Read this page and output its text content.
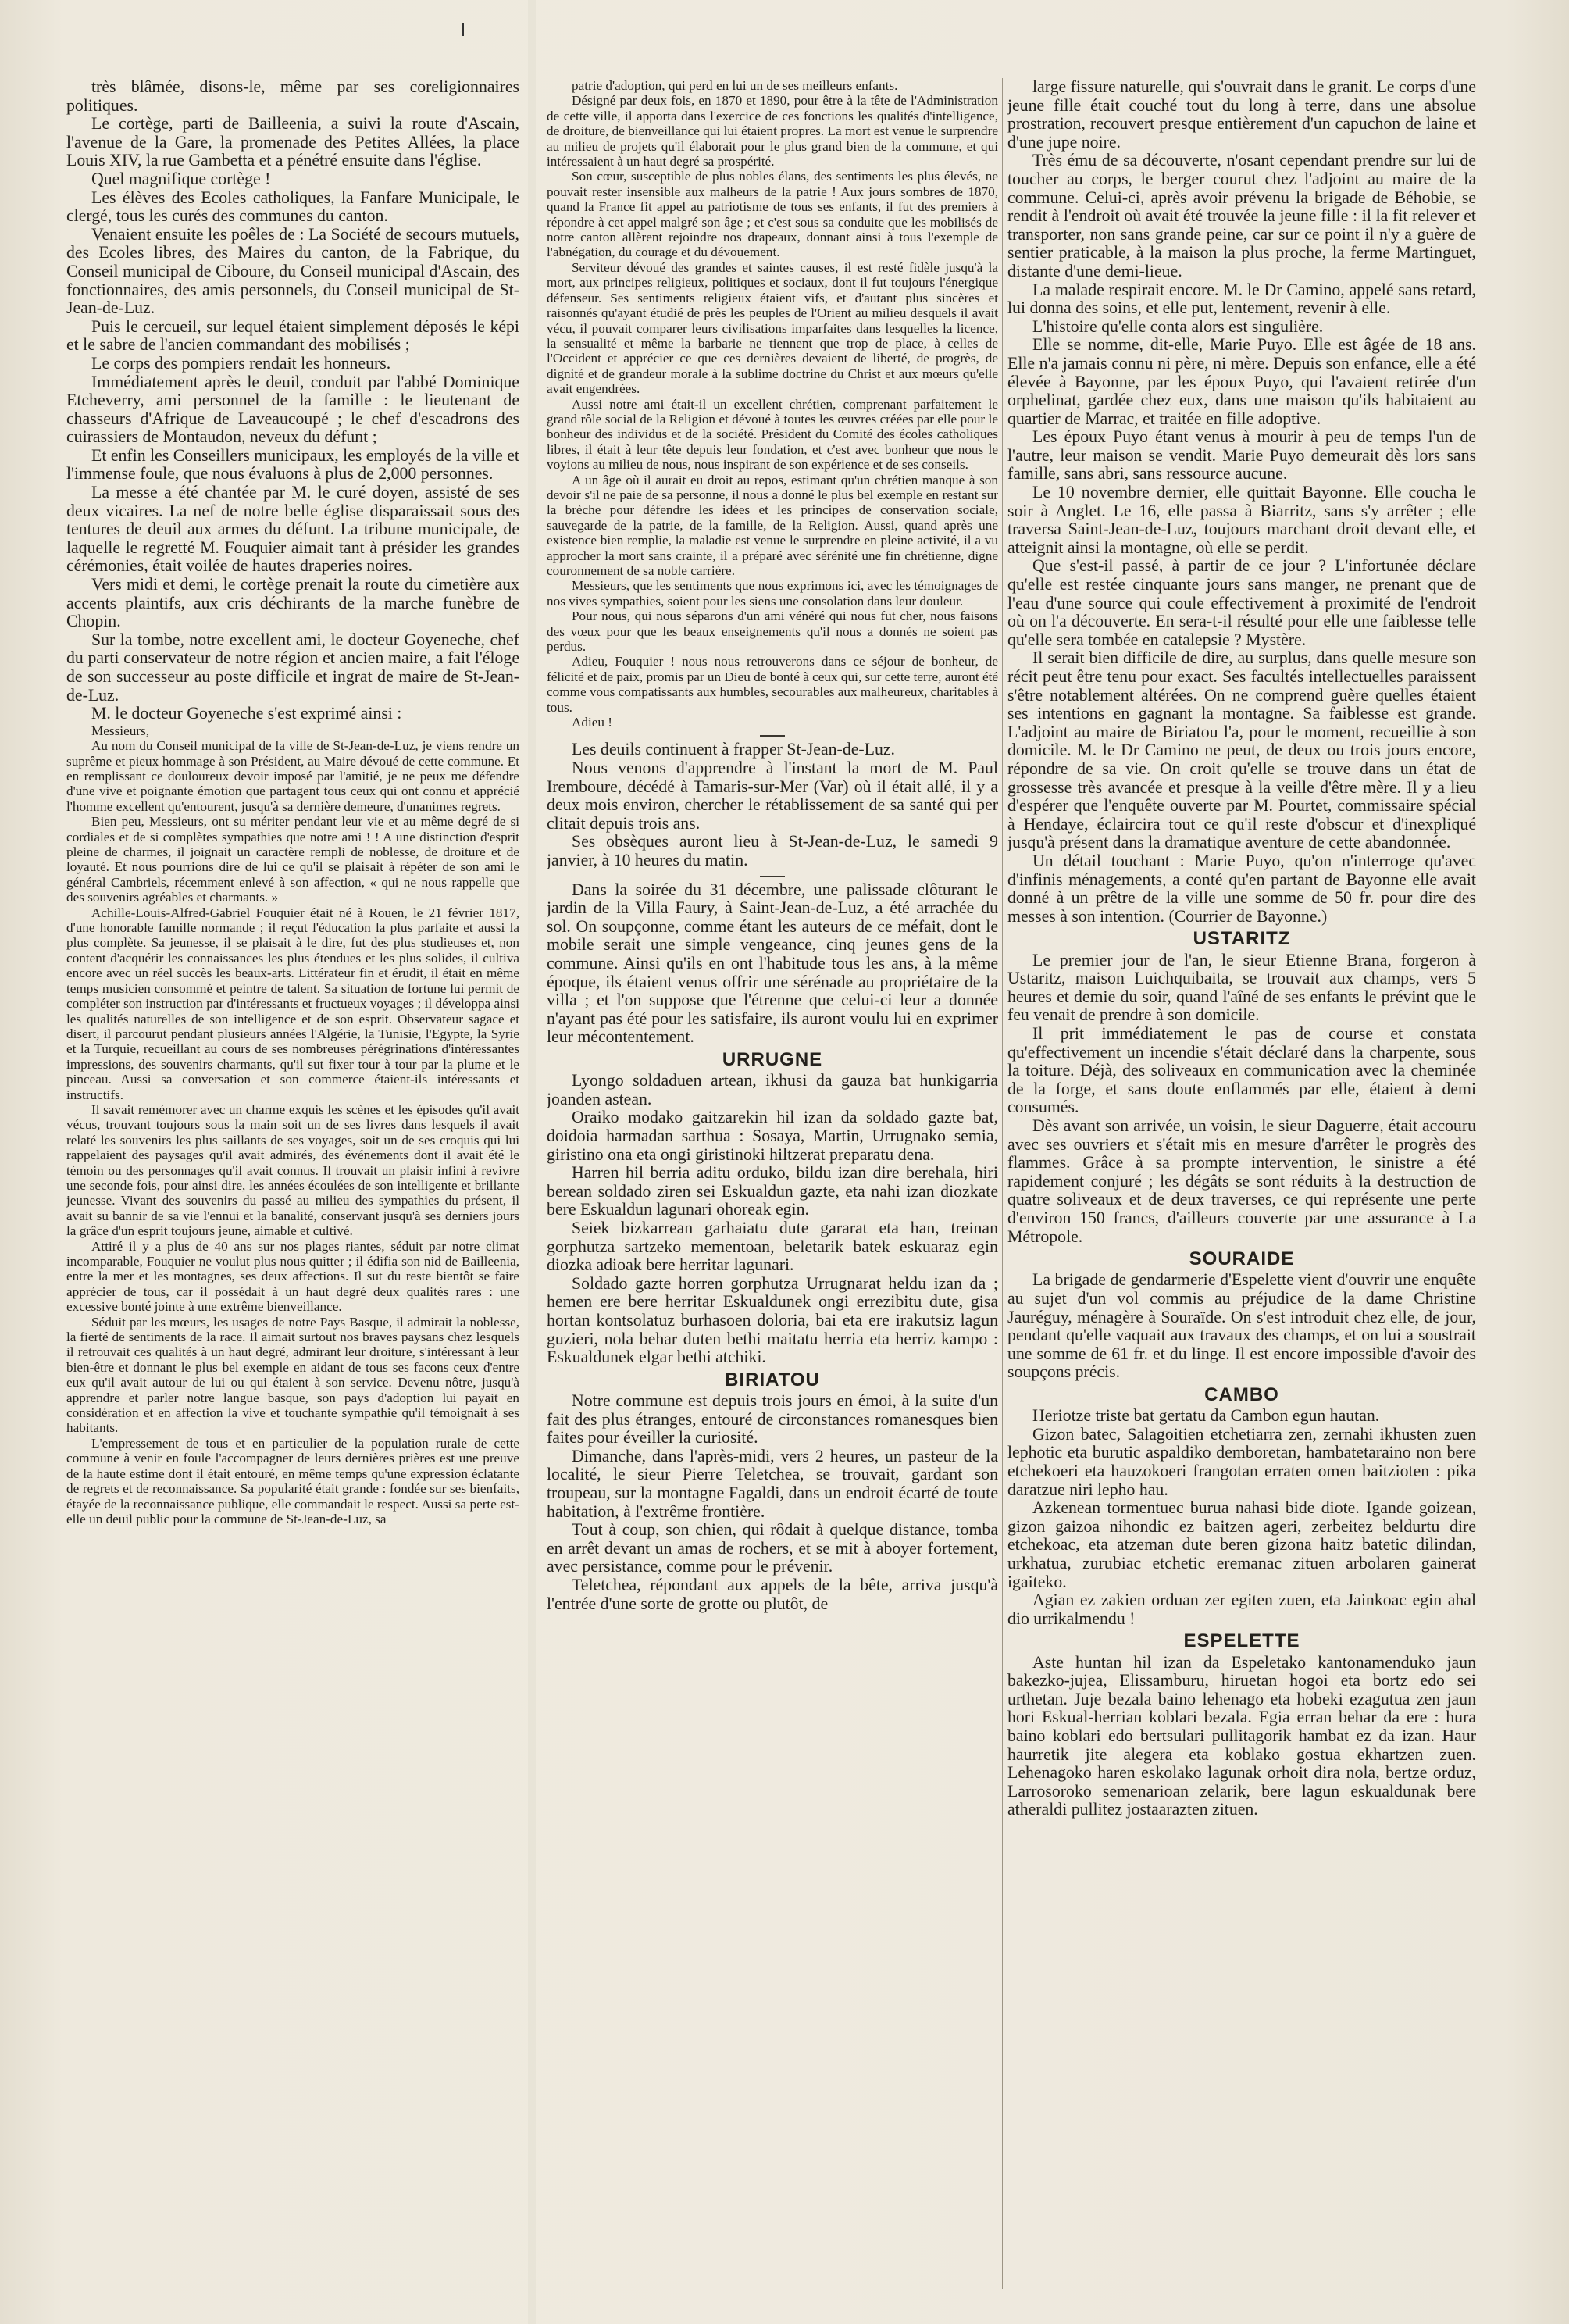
très blâmée, disons-le, même par ses coreligionnaires politiques.

Le cortège, parti de Bailleenia, a suivi la route d'Ascain, l'avenue de la Gare, la promenade des Petites Allées, la place Louis XIV, la rue Gambetta et a pénétré ensuite dans l'église.

Quel magnifique cortège !

Les élèves des Ecoles catholiques, la Fanfare Municipale, le clergé, tous les curés des communes du canton.

Venaient ensuite les poêles de : La Société de secours mutuels, des Ecoles libres, des Maires du canton, de la Fabrique, du Conseil municipal de Ciboure, du Conseil municipal d'Ascain, des fonctionnaires, des amis personnels, du Conseil municipal de St-Jean-de-Luz.

Puis le cercueil, sur lequel étaient simplement déposés le képi et le sabre de l'ancien commandant des mobilisés ;

Le corps des pompiers rendait les honneurs.

Immédiatement après le deuil, conduit par l'abbé Dominique Etcheverry, ami personnel de la famille : le lieutenant de chasseurs d'Afrique de Laveaucoupé ; le chef d'escadrons des cuirassiers de Montaudon, neveux du défunt ;

Et enfin les Conseillers municipaux, les employés de la ville et l'immense foule, que nous évaluons à plus de 2,000 personnes.

La messe a été chantée par M. le curé doyen, assisté de ses deux vicaires. La nef de notre belle église disparaissait sous des tentures de deuil aux armes du défunt. La tribune municipale, de laquelle le regretté M. Fouquier aimait tant à présider les grandes cérémonies, était voilée de hautes draperies noires.

Vers midi et demi, le cortège prenait la route du cimetière aux accents plaintifs, aux cris déchirants de la marche funèbre de Chopin.

Sur la tombe, notre excellent ami, le docteur Goyeneche, chef du parti conservateur de notre région et ancien maire, a fait l'éloge de son successeur au poste difficile et ingrat de maire de St-Jean-de-Luz.

M. le docteur Goyeneche s'est exprimé ainsi :

Messieurs,

Au nom du Conseil municipal de la ville de St-Jean-de-Luz, je viens rendre un suprême et pieux hommage à son Président, au Maire dévoué de cette commune. Et en remplissant ce douloureux devoir imposé par l'amitié, je ne peux me défendre d'une vive et poignante émotion que partagent tous ceux qui ont connu et apprécié l'homme excellent qu'entourent, jusqu'à sa dernière demeure, d'unanimes regrets.

Bien peu, Messieurs, ont su mériter pendant leur vie et au même degré de si cordiales et de si complètes sympathies que notre ami ! ! A une distinction d'esprit pleine de charmes, il joignait un caractère rempli de noblesse, de droiture et de loyauté. Et nous pourrions dire de lui ce qu'il se plaisait à répéter de son ami le général Cambriels, récemment enlevé à son affection, « qui ne nous rappelle que des souvenirs agréables et charmants. »

Achille-Louis-Alfred-Gabriel Fouquier était né à Rouen, le 21 février 1817, d'une honorable famille normande ; il reçut l'éducation la plus parfaite et aussi la plus complète. Sa jeunesse, il se plaisait à le dire, fut des plus studieuses et, non content d'acquérir les connaissances les plus étendues et les plus solides, il cultiva encore avec un réel succès les beaux-arts. Littérateur fin et érudit, il était en même temps musicien consommé et peintre de talent. Sa situation de fortune lui permit de compléter son instruction par d'intéressants et fructueux voyages ; il développa ainsi les qualités naturelles de son intelligence et de son esprit. Observateur sagace et disert, il parcourut pendant plusieurs années l'Algérie, la Tunisie, l'Egypte, la Syrie et la Turquie, recueillant au cours de ses nombreuses pérégrinations d'intéressantes impressions, des souvenirs charmants, qu'il sut fixer tour à tour par la plume et le pinceau. Aussi sa conversation et son commerce étaient-ils intéressants et instructifs.

Il savait remémorer avec un charme exquis les scènes et les épisodes qu'il avait vécus, trouvant toujours sous la main soit un de ses livres dans lesquels il avait relaté les souvenirs les plus saillants de ses voyages, soit un de ses croquis qui lui rappelaient des paysages qu'il avait admirés, des événements dont il avait été le témoin ou des personnages qu'il avait connus. Il trouvait un plaisir infini à revivre une seconde fois, pour ainsi dire, les années écoulées de son intelligente et brillante jeunesse. Vivant des souvenirs du passé au milieu des sympathies du présent, il avait su bannir de sa vie l'ennui et la banalité, conservant jusqu'à ses derniers jours la grâce d'un esprit toujours jeune, aimable et cultivé.

Attiré il y a plus de 40 ans sur nos plages riantes, séduit par notre climat incomparable, Fouquier ne voulut plus nous quitter ; il édifia son nid de Bailleenia, entre la mer et les montagnes, ses deux affections. Il sut du reste bientôt se faire apprécier de tous, car il possédait à un haut degré deux qualités rares : une excessive bonté jointe à une extrême bienveillance.

Séduit par les mœurs, les usages de notre Pays Basque, il admirait la noblesse, la fierté de sentiments de la race. Il aimait surtout nos braves paysans chez lesquels il retrouvait ces qualités à un haut degré, admirant leur droiture, s'intéressant à leur bien-être et donnant le plus bel exemple en aidant de tous ses facons ceux d'entre eux qu'il avait autour de lui ou qui étaient à son service. Devenu nôtre, jusqu'à apprendre et parler notre langue basque, son pays d'adoption lui payait en considération et en affection la vive et touchante sympathie qu'il témoignait à ses habitants.

L'empressement de tous et en particulier de la population rurale de cette commune à venir en foule l'accompagner de leurs dernières prières est une preuve de la haute estime dont il était entouré, en même temps qu'une expression éclatante de regrets et de reconnaissance. Sa popularité était grande : fondée sur ses bienfaits, étayée de la reconnaissance publique, elle commandait le respect. Aussi sa perte est-elle un deuil public pour la commune de St-Jean-de-Luz, sa

patrie d'adoption, qui perd en lui un de ses meilleurs enfants.

Désigné par deux fois, en 1870 et 1890, pour être à la tête de l'Administration de cette ville, il apporta dans l'exercice de ces fonctions les qualités d'intelligence, de droiture, de bienveillance qui lui étaient propres. La mort est venue le surprendre au milieu de projets qu'il élaborait pour le plus grand bien de la commune, et qui intéressaient à un haut degré sa prospérité.

Son cœur, susceptible de plus nobles élans, des sentiments les plus élevés, ne pouvait rester insensible aux malheurs de la patrie ! Aux jours sombres de 1870, quand la France fit appel au patriotisme de tous ses enfants, il fut des premiers à répondre à cet appel malgré son âge ; et c'est sous sa conduite que les mobilisés de notre canton allèrent rejoindre nos drapeaux, donnant ainsi à tous l'exemple de l'abnégation, du courage et du dévouement.

Serviteur dévoué des grandes et saintes causes, il est resté fidèle jusqu'à la mort, aux principes religieux, politiques et sociaux, dont il fut toujours l'énergique défenseur. Ses sentiments religieux étaient vifs, et d'autant plus sincères et raisonnés qu'ayant étudié de près les peuples de l'Orient au milieu desquels il avait vécu, il pouvait comparer leurs civilisations imparfaites dans lesquelles la licence, la sensualité et même la barbarie ne tiennent que trop de place, à celles de l'Occident et apprécier ce que ces dernières devaient de liberté, de progrès, de dignité et de grandeur morale à la sublime doctrine du Christ et aux mœurs qu'elle avait engendrées.

Aussi notre ami était-il un excellent chrétien, comprenant parfaitement le grand rôle social de la Religion et dévoué à toutes les œuvres créées par elle pour le bonheur des individus et de la société. Président du Comité des écoles catholiques libres, il était à leur tête depuis leur fondation, et c'est avec bonheur que nous le voyions au milieu de nous, nous inspirant de son expérience et de ses conseils.

A un âge où il aurait eu droit au repos, estimant qu'un chrétien manque à son devoir s'il ne paie de sa personne, il nous a donné le plus bel exemple en restant sur la brèche pour défendre les idées et les principes de conservation sociale, sauvegarde de la patrie, de la famille, de la Religion. Aussi, quand après une existence bien remplie, la maladie est venue le surprendre en pleine activité, il a vu approcher la mort sans crainte, il a préparé avec sérénité une fin chrétienne, digne couronnement de sa noble carrière.

Messieurs, que les sentiments que nous exprimons ici, avec les témoignages de nos vives sympathies, soient pour les siens une consolation dans leur douleur.

Pour nous, qui nous séparons d'un ami vénéré qui nous fut cher, nous faisons des vœux pour que les beaux enseignements qu'il nous a donnés ne soient pas perdus.

Adieu, Fouquier ! nous nous retrouverons dans ce séjour de bonheur, de félicité et de paix, promis par un Dieu de bonté à ceux qui, sur cette terre, auront été comme vous compatissants aux humbles, secourables aux malheureux, charitables à tous.

Adieu !

Les deuils continuent à frapper St-Jean-de-Luz.

Nous venons d'apprendre à l'instant la mort de M. Paul Iremboure, décédé à Tamaris-sur-Mer (Var) où il était allé, il y a deux mois environ, chercher le rétablissement de sa santé qui per clitait depuis trois ans.

Ses obsèques auront lieu à St-Jean-de-Luz, le samedi 9 janvier, à 10 heures du matin.

Dans la soirée du 31 décembre, une palissade clôturant le jardin de la Villa Faury, à Saint-Jean-de-Luz, a été arrachée du sol. On soupçonne, comme étant les auteurs de ce méfait, dont le mobile serait une simple vengeance, cinq jeunes gens de la commune. Ainsi qu'ils en ont l'habitude tous les ans, à la même époque, ils étaient venus offrir une sérénade au propriétaire de la villa ; et l'on suppose que l'étrenne que celui-ci leur a donnée n'ayant pas été pour les satisfaire, ils auront voulu lui en exprimer leur mécontentement.

URRUGNE

Lyongo soldaduen artean, ikhusi da gauza bat hunkigarria joanden astean.

Oraiko modako gaitzarekin hil izan da soldado gazte bat, doidoia harmadan sarthua : Sosaya, Martin, Urrugnako semia, giristino ona eta ongi giristinoki hiltzerat preparatu dena.

Harren hil berria aditu orduko, bildu izan dire berehala, hiri berean soldado ziren sei Eskualdun gazte, eta nahi izan diozkate bere Eskualdun lagunari ohoreak egin.

Seiek bizkarrean garhaiatu dute gararat eta han, treinan gorphutza sartzeko mementoan, beletarik batek eskuaraz egin diozka adioak bere herritar lagunari.

Soldado gazte horren gorphutza Urrugnarat heldu izan da ; hemen ere bere herritar Eskualdunek ongi errezibitu dute, gisa hortan kontsolatuz burhasoen doloria, bai eta ere irakutsiz lagun guzieri, nola behar duten bethi maitatu herria eta herriz kampo : Eskualdunek elgar bethi atchiki.

BIRIATOU

Notre commune est depuis trois jours en émoi, à la suite d'un fait des plus étranges, entouré de circonstances romanesques bien faites pour éveiller la curiosité.

Dimanche, dans l'après-midi, vers 2 heures, un pasteur de la localité, le sieur Pierre Teletchea, se trouvait, gardant son troupeau, sur la montagne Fagaldi, dans un endroit écarté de toute habitation, à l'extrême frontière.

Tout à coup, son chien, qui rôdait à quelque distance, tomba en arrêt devant un amas de rochers, et se mit à aboyer fortement, avec persistance, comme pour le prévenir.

Teletchea, répondant aux appels de la bête, arriva jusqu'à l'entrée d'une sorte de grotte ou plutôt, de

large fissure naturelle, qui s'ouvrait dans le granit. Le corps d'une jeune fille était couché tout du long à terre, dans une absolue prostration, recouvert presque entièrement d'un capuchon de laine et d'une jupe noire.

Très ému de sa découverte, n'osant cependant prendre sur lui de toucher au corps, le berger courut chez l'adjoint au maire de la commune. Celui-ci, après avoir prévenu la brigade de Béhobie, se rendit à l'endroit où avait été trouvée la jeune fille : il la fit relever et transporter, non sans grande peine, car sur ce point il n'y a guère de sentier praticable, à la maison la plus proche, la ferme Martinguet, distante d'une demi-lieue.

La malade respirait encore. M. le Dr Camino, appelé sans retard, lui donna des soins, et elle put, lentement, revenir à elle.

L'histoire qu'elle conta alors est singulière.

Elle se nomme, dit-elle, Marie Puyo. Elle est âgée de 18 ans. Elle n'a jamais connu ni père, ni mère. Depuis son enfance, elle a été élevée à Bayonne, par les époux Puyo, qui l'avaient retirée d'un orphelinat, gardée chez eux, dans une maison qu'ils habitaient au quartier de Marrac, et traitée en fille adoptive.

Les époux Puyo étant venus à mourir à peu de temps l'un de l'autre, leur maison se vendit. Marie Puyo demeurait dès lors sans famille, sans abri, sans ressource aucune.

Le 10 novembre dernier, elle quittait Bayonne. Elle coucha le soir à Anglet. Le 16, elle passa à Biarritz, sans s'y arrêter ; elle traversa Saint-Jean-de-Luz, toujours marchant droit devant elle, et atteignit ainsi la montagne, où elle se perdit.

Que s'est-il passé, à partir de ce jour ? L'infortunée déclare qu'elle est restée cinquante jours sans manger, ne prenant que de l'eau d'une source qui coule effectivement à proximité de l'endroit où on l'a découverte. En sera-t-il résulté pour elle une faiblesse telle qu'elle sera tombée en catalepsie ? Mystère.

Il serait bien difficile de dire, au surplus, dans quelle mesure son récit peut être tenu pour exact. Ses facultés intellectuelles paraissent s'être notablement altérées. On ne comprend guère quelles étaient ses intentions en gagnant la montagne. Sa faiblesse est grande. L'adjoint au maire de Biriatou l'a, pour le moment, recueillie à son domicile. M. le Dr Camino ne peut, de deux ou trois jours encore, répondre de sa vie. On croit qu'elle se trouve dans un état de grossesse très avancée et presque à la veille d'être mère. Il y a lieu d'espérer que l'enquête ouverte par M. Pourtet, commissaire spécial à Hendaye, éclaircira tout ce qu'il reste d'obscur et d'inexpliqué jusqu'à présent dans la dramatique aventure de cette abandonnée.

Un détail touchant : Marie Puyo, qu'on n'interroge qu'avec d'infinis ménagements, a conté qu'en partant de Bayonne elle avait donné à un prêtre de la ville une somme de 50 fr. pour dire des messes à son intention. (Courrier de Bayonne.)

USTARITZ

Le premier jour de l'an, le sieur Etienne Brana, forgeron à Ustaritz, maison Luichquibaita, se trouvait aux champs, vers 5 heures et demie du soir, quand l'aîné de ses enfants le prévint que le feu venait de prendre à son domicile.

Il prit immédiatement le pas de course et constata qu'effectivement un incendie s'était déclaré dans la charpente, sous la toiture. Déjà, des soliveaux en communication avec la cheminée de la forge, et sans doute enflammés par elle, étaient à demi consumés.

Dès avant son arrivée, un voisin, le sieur Daguerre, était accouru avec ses ouvriers et s'était mis en mesure d'arrêter le progrès des flammes. Grâce à sa prompte intervention, le sinistre a été rapidement conjuré ; les dégâts se sont réduits à la destruction de quatre soliveaux et de deux traverses, ce qui représente une perte d'environ 150 francs, d'ailleurs couverte par une assurance à La Métropole.

SOURAIDE

La brigade de gendarmerie d'Espelette vient d'ouvrir une enquête au sujet d'un vol commis au préjudice de la dame Christine Jauréguy, ménagère à Souraïde. On s'est introduit chez elle, de jour, pendant qu'elle vaquait aux travaux des champs, et on lui a soustrait une somme de 61 fr. et du linge. Il est encore impossible d'avoir des soupçons précis.

CAMBO

Heriotze triste bat gertatu da Cambon egun hautan.

Gizon batec, Salagoitien etchetiarra zen, zernahi ikhusten zuen lephotic eta burutic aspaldiko demboretan, hambatetaraino non bere etchekoeri eta hauzokoeri frangotan erraten omen baitzioten : pika daratzue niri lepho hau.

Azkenean tormentuec burua nahasi bide diote. Igande goizean, gizon gaizoa nihondic ez baitzen ageri, zerbeitez beldurtu dire etchekoac, eta atzeman dute beren gizona haitz batetic dilindan, urkhatua, zurubiac etchetic eremanac zituen arbolaren gainerat igaiteko.

Agian ez zakien orduan zer egiten zuen, eta Jainkoac egin ahal dio urrikalmendu !

ESPELETTE

Aste huntan hil izan da Espeletako kantonamenduko jaun bakezko-jujea, Elissamburu, hiruetan hogoi eta bortz edo sei urthetan. Juje bezala baino lehenago eta hobeki ezagutua zen jaun hori Eskual-herrian koblari bezala. Egia erran behar da ere : hura baino koblari edo bertsulari pullitagorik hambat ez da izan. Haur haurretik jite alegera eta koblako gostua ekhartzen zuen. Lehenagoko haren eskolako lagunak orhoit dira nola, bertze orduz, Larrosoroko semenarioan zelarik, bere lagun eskualdunak bere atheraldi pullitez jostaarazten zituen.
